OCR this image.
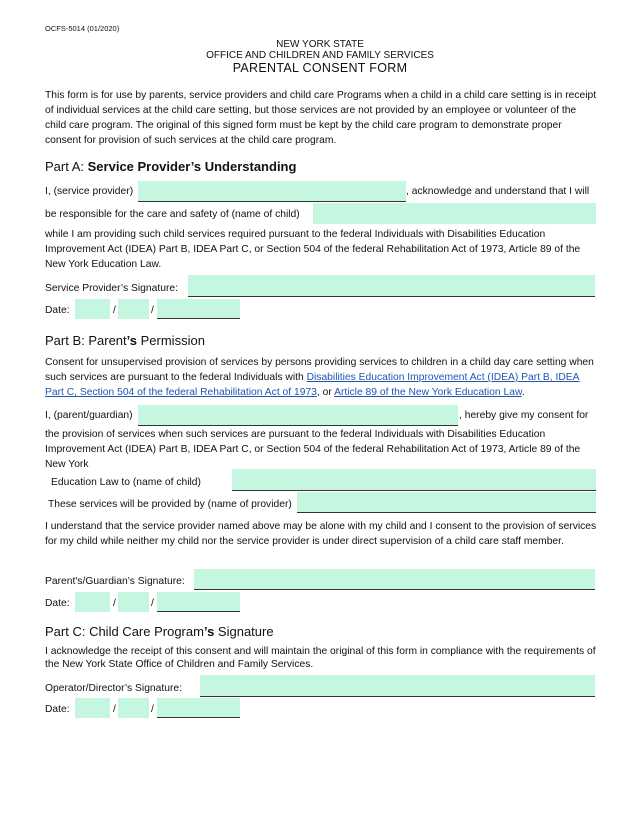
OCFS-5014 (01/2020)
NEW YORK STATE
OFFICE AND CHILDREN AND FAMILY SERVICES
PARENTAL CONSENT FORM
This form is for use by parents, service providers and child care Programs when a child in a child care setting is in receipt of individual services at the child care setting, but those services are not provided by an employee or volunteer of the child care program. The original of this signed form must be kept by the child care program to demonstrate proper consent for provision of such services at the child care program.
Part A: Service Provider’s Understanding
I, (service provider)	, acknowledge and understand that I will
be responsible for the care and safety of (name of child)
while I am providing such child services required pursuant to the federal Individuals with Disabilities Education Improvement Act (IDEA) Part B, IDEA Part C, or Section 504 of the federal Rehabilitation Act of 1973, Article 89 of the New York Education Law.
Service Provider’s Signature:
Date:	/	/
Part B: Parent’s Permission
Consent for unsupervised provision of services by persons providing services to children in a child day care setting when such services are pursuant to the federal Individuals with Disabilities Education Improvement Act (IDEA) Part B, IDEA Part C, Section 504 of the federal Rehabilitation Act of 1973, or Article 89 of the New York Education Law.
I, (parent/guardian)	, hereby give my consent for
the provision of services when such services are pursuant to the federal Individuals with Disabilities Education Improvement Act (IDEA) Part B, IDEA Part C, or Section 504 of the federal Rehabilitation Act of 1973, Article 89 of the New York
Education Law to (name of child)
These services will be provided by (name of provider)
I understand that the service provider named above may be alone with my child and I consent to the provision of services for my child while neither my child nor the service provider is under direct supervision of a child care staff member.
Parent's/Guardian’s Signature:
Date:	/	/
Part C: Child Care Program’s Signature
I acknowledge the receipt of this consent and will maintain the original of this form in compliance with the requirements of the New York State Office of Children and Family Services.
Operator/Director’s Signature:
Date:	/	/
